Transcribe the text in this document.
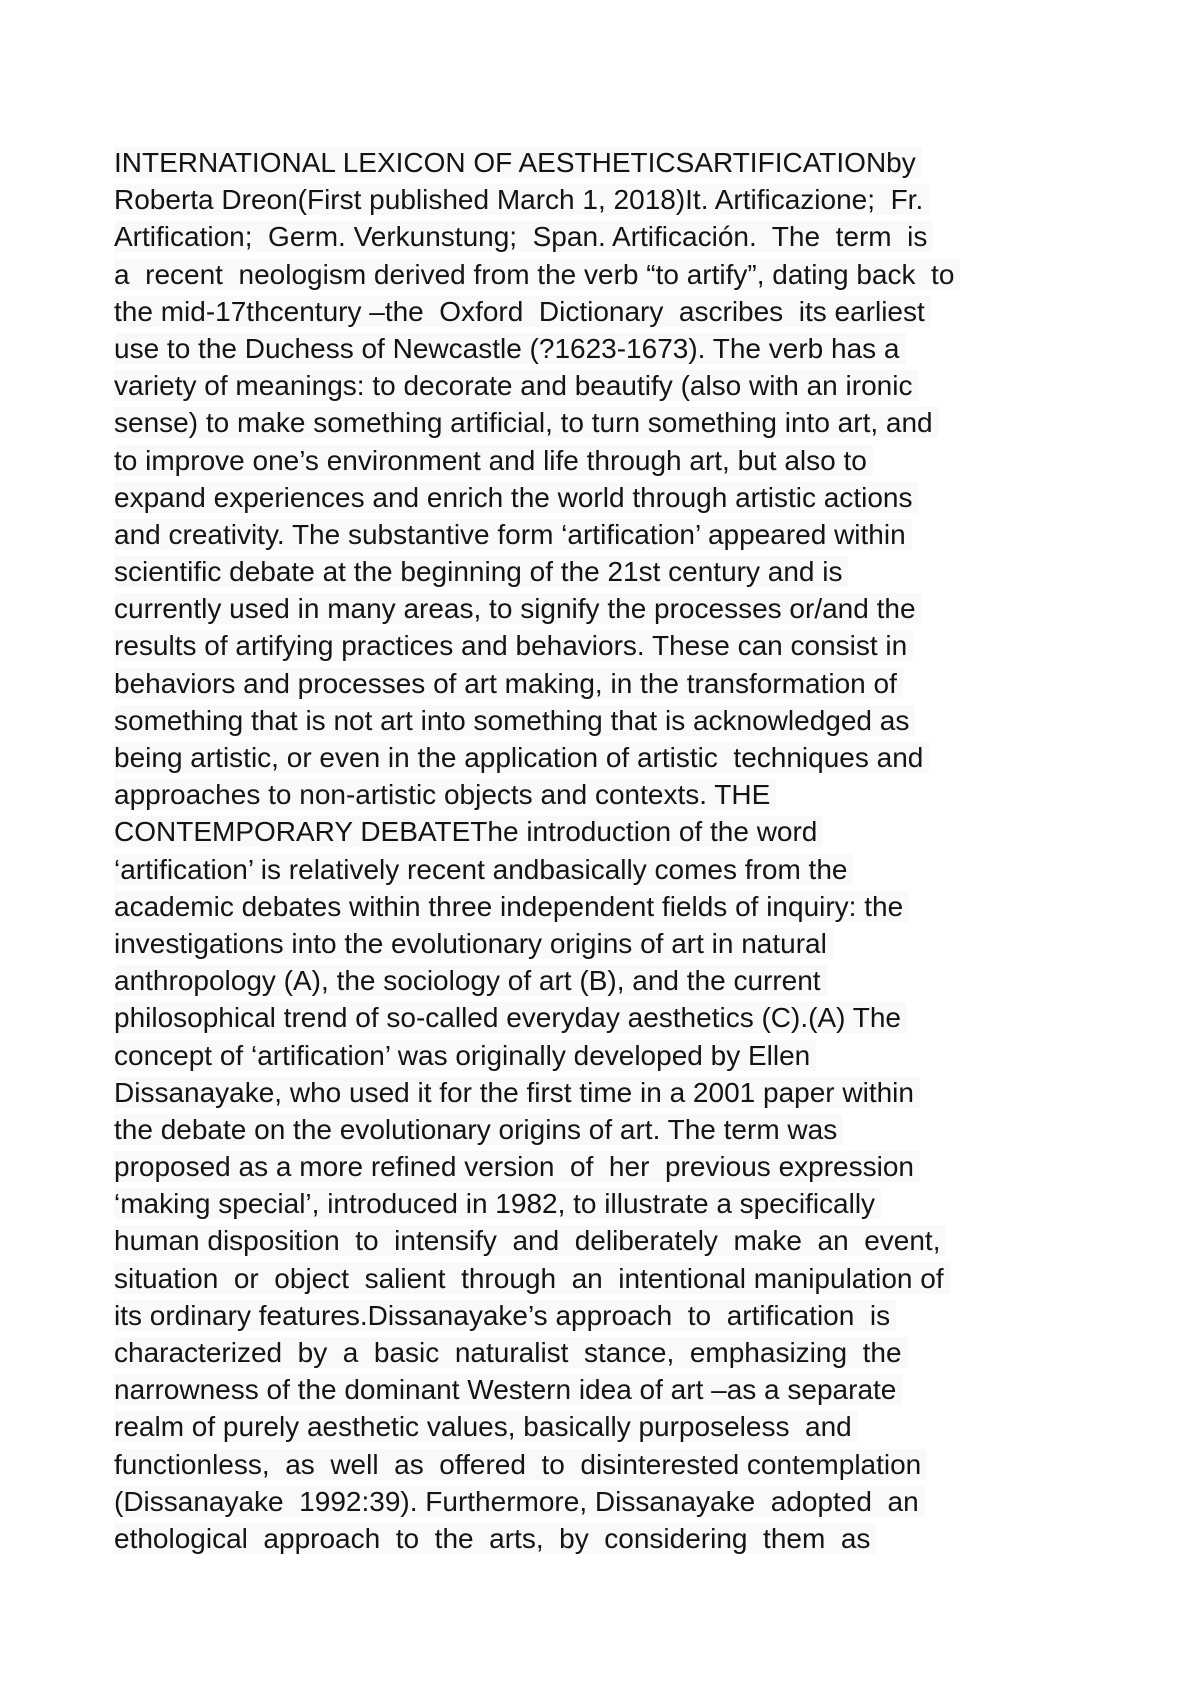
INTERNATIONAL LEXICON OF AESTHETICSARTIFICATIONby
Roberta Dreon(First published March 1, 2018)It. Artificazione;  Fr.
Artification;  Germ. Verkunstung;  Span. Artificación.  The  term  is
a  recent  neologism derived from the verb “to artify”, dating back  to
the mid-17thcentury –the  Oxford  Dictionary  ascribes  its earliest
use to the Duchess of Newcastle (?1623-1673). The verb has a
variety of meanings: to decorate and beautify (also with an ironic
sense) to make something artificial, to turn something into art, and
to improve one’s environment and life through art, but also to
expand experiences and enrich the world through artistic actions
and creativity. The substantive form ‘artification’ appeared within
scientific debate at the beginning of the 21st century and is
currently used in many areas, to signify the processes or/and the
results of artifying practices and behaviors. These can consist in
behaviors and processes of art making, in the transformation of
something that is not art into something that is acknowledged as
being artistic, or even in the application of artistic  techniques and
approaches to non-artistic objects and contexts. THE
CONTEMPORARY DEBATEThe introduction of the word
‘artification’ is relatively recent andbasically comes from the
academic debates within three independent fields of inquiry: the
investigations into the evolutionary origins of art in natural
anthropology (A), the sociology of art (B), and the current
philosophical trend of so-called everyday aesthetics (C).(A) The
concept of ‘artification’ was originally developed by Ellen
Dissanayake, who used it for the first time in a 2001 paper within
the debate on the evolutionary origins of art. The term was
proposed as a more refined version  of  her  previous expression
‘making special’, introduced in 1982, to illustrate a specifically
human disposition  to  intensify  and  deliberately  make  an  event,
situation  or  object  salient  through  an  intentional manipulation of
its ordinary features.Dissanayake’s approach  to  artification  is
characterized  by  a  basic  naturalist  stance,  emphasizing  the
narrowness of the dominant Western idea of art –as a separate
realm of purely aesthetic values, basically purposeless  and
functionless,  as  well  as  offered  to  disinterested contemplation
(Dissanayake  1992:39). Furthermore, Dissanayake  adopted  an
ethological  approach  to  the  arts,  by  considering  them  as
